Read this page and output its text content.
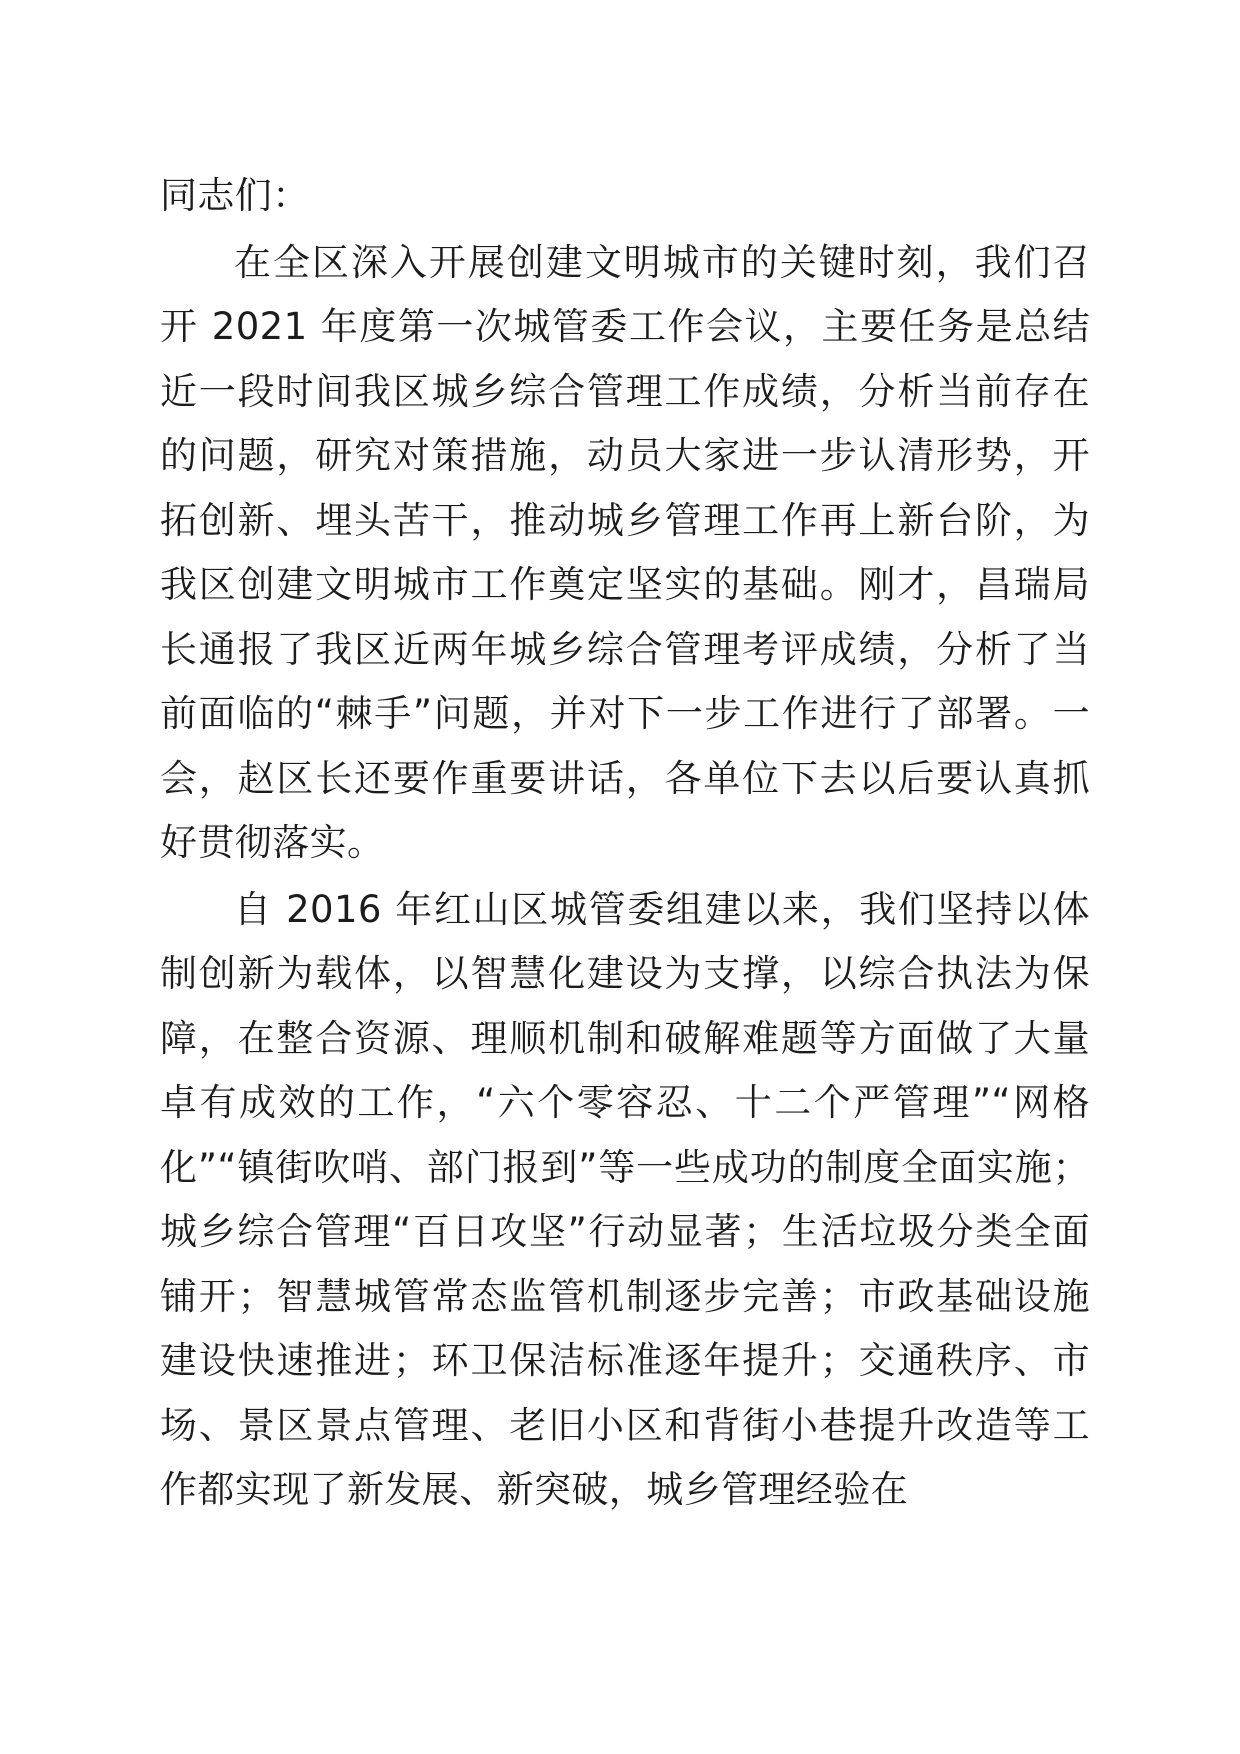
同志们：

在全区深入开展创建文明城市的关键时刻，我们召开 2021 年度第一次城管委工作会议，主要任务是总结近一段时间我区城乡综合管理工作成绩，分析当前存在的问题，研究对策措施，动员大家进一步认清形势，开拓创新、埋头苦干，推动城乡管理工作再上新台阶，为我区创建文明城市工作奠定坚实的基础。刚才，昌瑞局长通报了我区近两年城乡综合管理考评成绩，分析了当前面临的“棘手”问题，并对下一步工作进行了部署。一会，赵区长还要作重要讲话，各单位下去以后要认真抓好贯彻落实。

自 2016 年红山区城管委组建以来，我们坚持以体制创新为载体，以智慧化建设为支撑，以综合执法为保障，在整合资源、理顺机制和破解难题等方面做了大量卓有成效的工作，“六个零容忍、十二个严管理”“网格化”“镇街吹哨、部门报到”等一些成功的制度全面实施；城乡综合管理“百日攻坚”行动显著；生活垃圾分类全面铺开；智慧城管常态监管机制逐步完善；市政基础设施建设快速推进；环卫保洁标准逐年提升；交通秩序、市场、景区景点管理、老旧小区和背街小巷提升改造等工作都实现了新发展、新突破，城乡管理经验在
